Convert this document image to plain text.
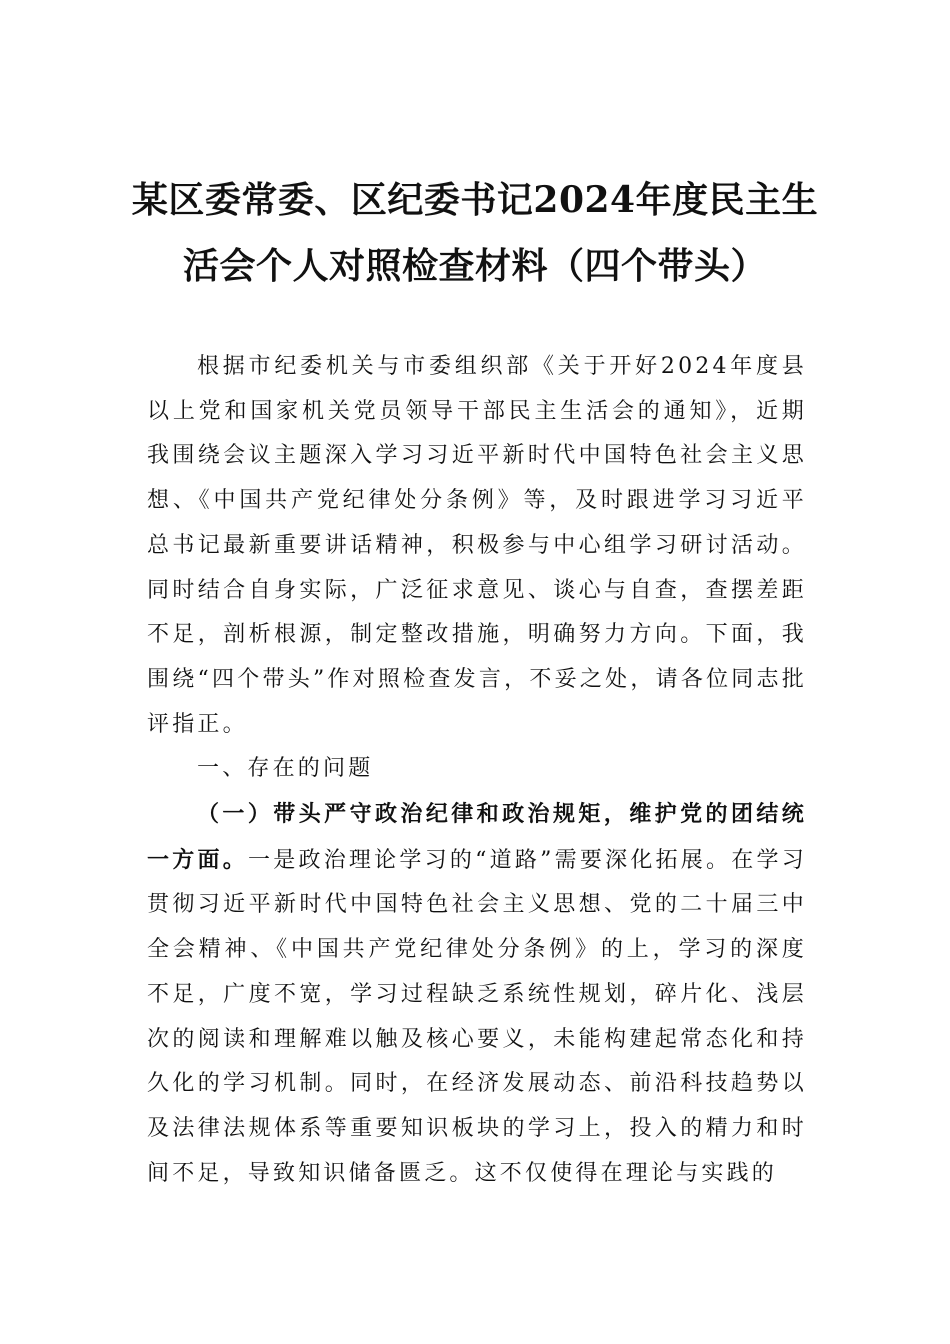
某区委常委、区纪委书记2024年度民主生
活会个人对照检查材料（四个带头）

根据市纪委机关与市委组织部《关于开好2024年度县以上党和国家机关党员领导干部民主生活会的通知》，近期我围绕会议主题深入学习习近平新时代中国特色社会主义思想、《中国共产党纪律处分条例》等，及时跟进学习习近平总书记最新重要讲话精神，积极参与中心组学习研讨活动。同时结合自身实际，广泛征求意见、谈心与自查，查摆差距不足，剖析根源，制定整改措施，明确努力方向。下面，我围绕“四个带头”作对照检查发言，不妥之处，请各位同志批评指正。

一、存在的问题

（一）带头严守政治纪律和政治规矩，维护党的团结统一方面。一是政治理论学习的“道路”需要深化拓展。在学习贯彻习近平新时代中国特色社会主义思想、党的二十届三中全会精神、《中国共产党纪律处分条例》的上，学习的深度不足，广度不宽，学习过程缺乏系统性规划，碎片化、浅层次的阅读和理解难以触及核心要义，未能构建起常态化和持久化的学习机制。同时，在经济发展动态、前沿科技趋势以及法律法规体系等重要知识板块的学习上，投入的精力和时间不足，导致知识储备匮乏。这不仅使得在理论与实践的
